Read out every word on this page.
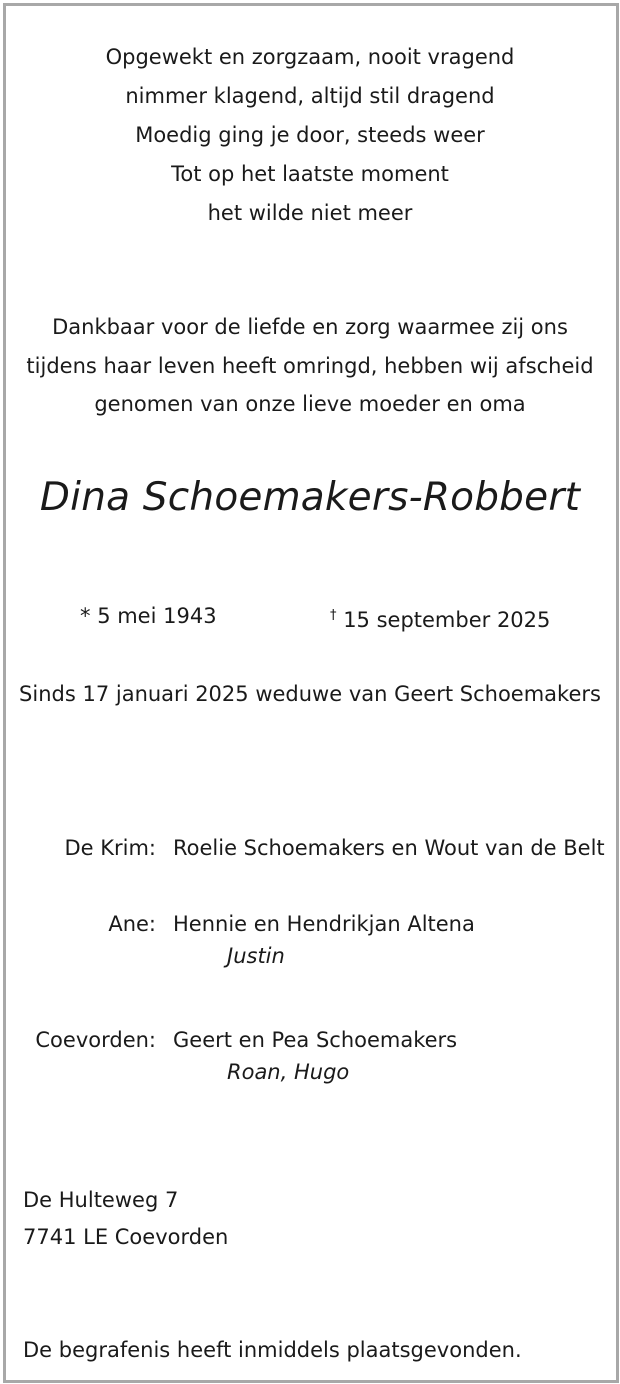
Opgewekt en zorgzaam, nooit vragend
nimmer klagend, altijd stil dragend
Moedig ging je door, steeds weer
Tot op het laatste moment
het wilde niet meer
Dankbaar voor de liefde en zorg waarmee zij ons
tijdens haar leven heeft omringd, hebben wij afscheid
genomen van onze lieve moeder en oma
Dina Schoemakers-Robbert
* 5 mei 1943	† 15 september 2025
Sinds 17 januari 2025 weduwe van Geert Schoemakers
De Krim: Roelie Schoemakers en Wout van de Belt
Ane: Hennie en Hendrikjan Altena
Justin
Coevorden: Geert en Pea Schoemakers
Roan, Hugo
De Hulteweg 7
7741 LE Coevorden
De begrafenis heeft inmiddels plaatsgevonden.
